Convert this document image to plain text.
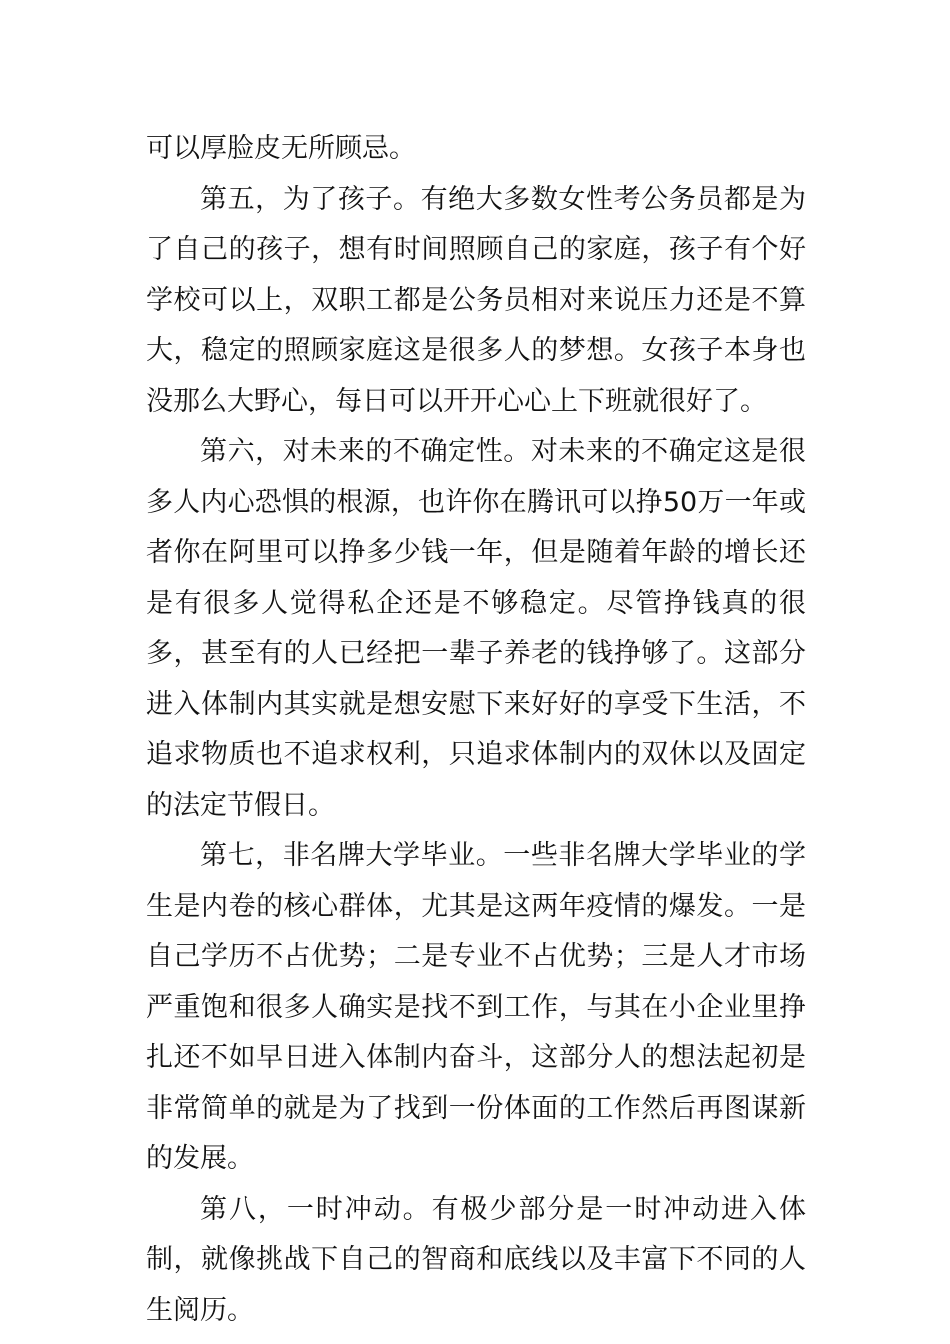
可以厚脸皮无所顾忌。

第五，为了孩子。有绝大多数女性考公务员都是为了自己的孩子，想有时间照顾自己的家庭，孩子有个好学校可以上，双职工都是公务员相对来说压力还是不算大，稳定的照顾家庭这是很多人的梦想。女孩子本身也没那么大野心，每日可以开开心心上下班就很好了。

第六，对未来的不确定性。对未来的不确定这是很多人内心恐惧的根源，也许你在腾讯可以挣50万一年或者你在阿里可以挣多少钱一年，但是随着年龄的增长还是有很多人觉得私企还是不够稳定。尽管挣钱真的很多，甚至有的人已经把一辈子养老的钱挣够了。这部分进入体制内其实就是想安慰下来好好的享受下生活，不追求物质也不追求权利，只追求体制内的双休以及固定的法定节假日。

第七，非名牌大学毕业。一些非名牌大学毕业的学生是内卷的核心群体，尤其是这两年疫情的爆发。一是自己学历不占优势；二是专业不占优势；三是人才市场严重饱和很多人确实是找不到工作，与其在小企业里挣扎还不如早日进入体制内奋斗，这部分人的想法起初是非常简单的就是为了找到一份体面的工作然后再图谋新的发展。

第八，一时冲动。有极少部分是一时冲动进入体制，就像挑战下自己的智商和底线以及丰富下不同的人生阅历。
